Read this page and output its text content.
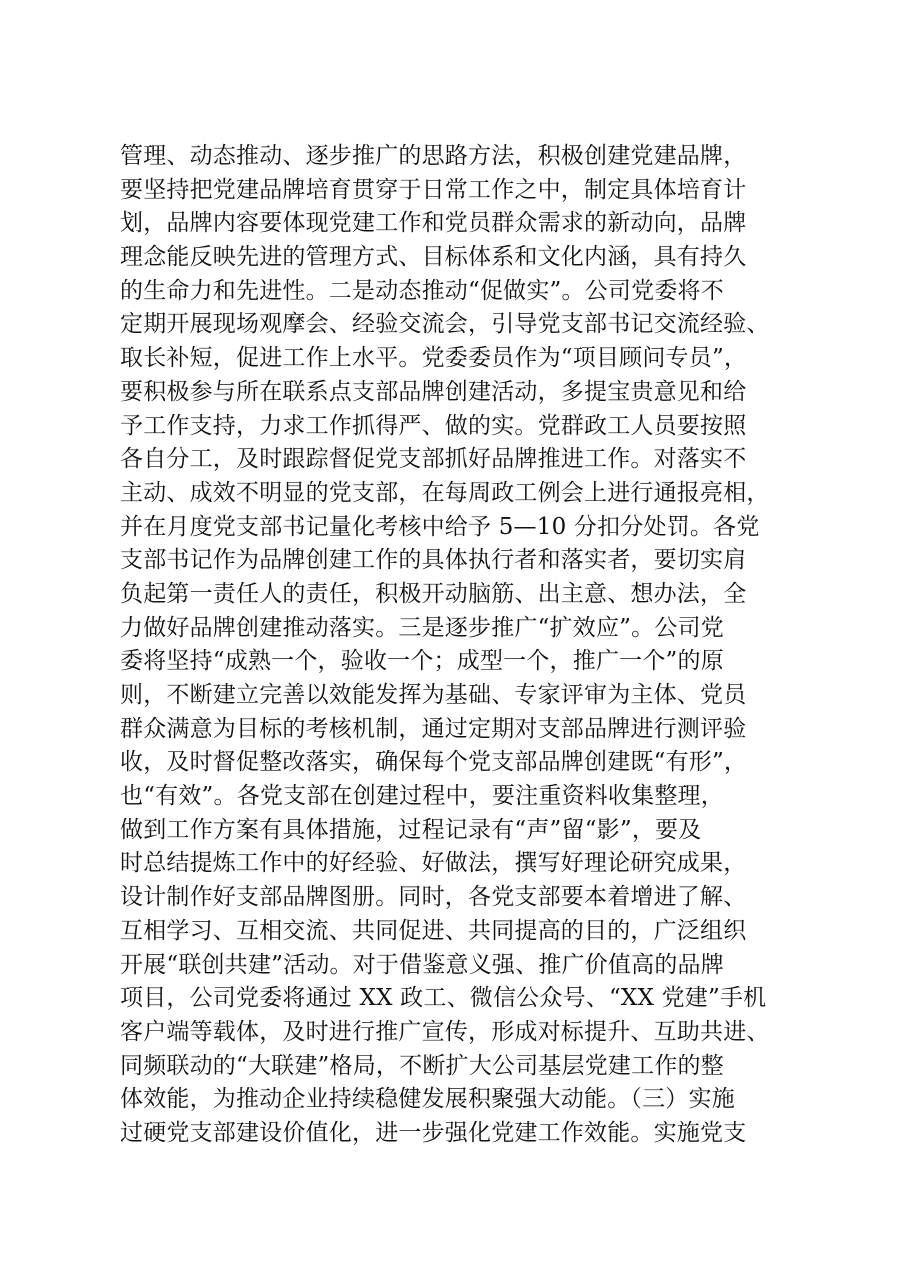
管理、动态推动、逐步推广的思路方法，积极创建党建品牌，
要坚持把党建品牌培育贯穿于日常工作之中，制定具体培育计
划，品牌内容要体现党建工作和党员群众需求的新动向，品牌
理念能反映先进的管理方式、目标体系和文化内涵，具有持久
的生命力和先进性。二是动态推动“促做实”。公司党委将不
定期开展现场观摩会、经验交流会，引导党支部书记交流经验、
取长补短，促进工作上水平。党委委员作为“项目顾问专员”，
要积极参与所在联系点支部品牌创建活动，多提宝贵意见和给
予工作支持，力求工作抓得严、做的实。党群政工人员要按照
各自分工，及时跟踪督促党支部抓好品牌推进工作。对落实不
主动、成效不明显的党支部，在每周政工例会上进行通报亮相，
并在月度党支部书记量化考核中给予 5—10 分扣分处罚。各党
支部书记作为品牌创建工作的具体执行者和落实者，要切实肩
负起第一责任人的责任，积极开动脑筋、出主意、想办法，全
力做好品牌创建推动落实。三是逐步推广“扩效应”。公司党
委将坚持“成熟一个，验收一个；成型一个，推广一个”的原
则，不断建立完善以效能发挥为基础、专家评审为主体、党员
群众满意为目标的考核机制，通过定期对支部品牌进行测评验
收，及时督促整改落实，确保每个党支部品牌创建既“有形”，
也“有效”。各党支部在创建过程中，要注重资料收集整理，
做到工作方案有具体措施，过程记录有“声”留“影”，要及
时总结提炼工作中的好经验、好做法，撰写好理论研究成果，
设计制作好支部品牌图册。同时，各党支部要本着增进了解、
互相学习、互相交流、共同促进、共同提高的目的，广泛组织
开展“联创共建”活动。对于借鉴意义强、推广价值高的品牌
项目，公司党委将通过 XX 政工、微信公众号、“XX 党建”手机
客户端等载体，及时进行推广宣传，形成对标提升、互助共进、
同频联动的“大联建”格局，不断扩大公司基层党建工作的整
体效能，为推动企业持续稳健发展积聚强大动能。（三）实施
过硬党支部建设价值化，进一步强化党建工作效能。实施党支
